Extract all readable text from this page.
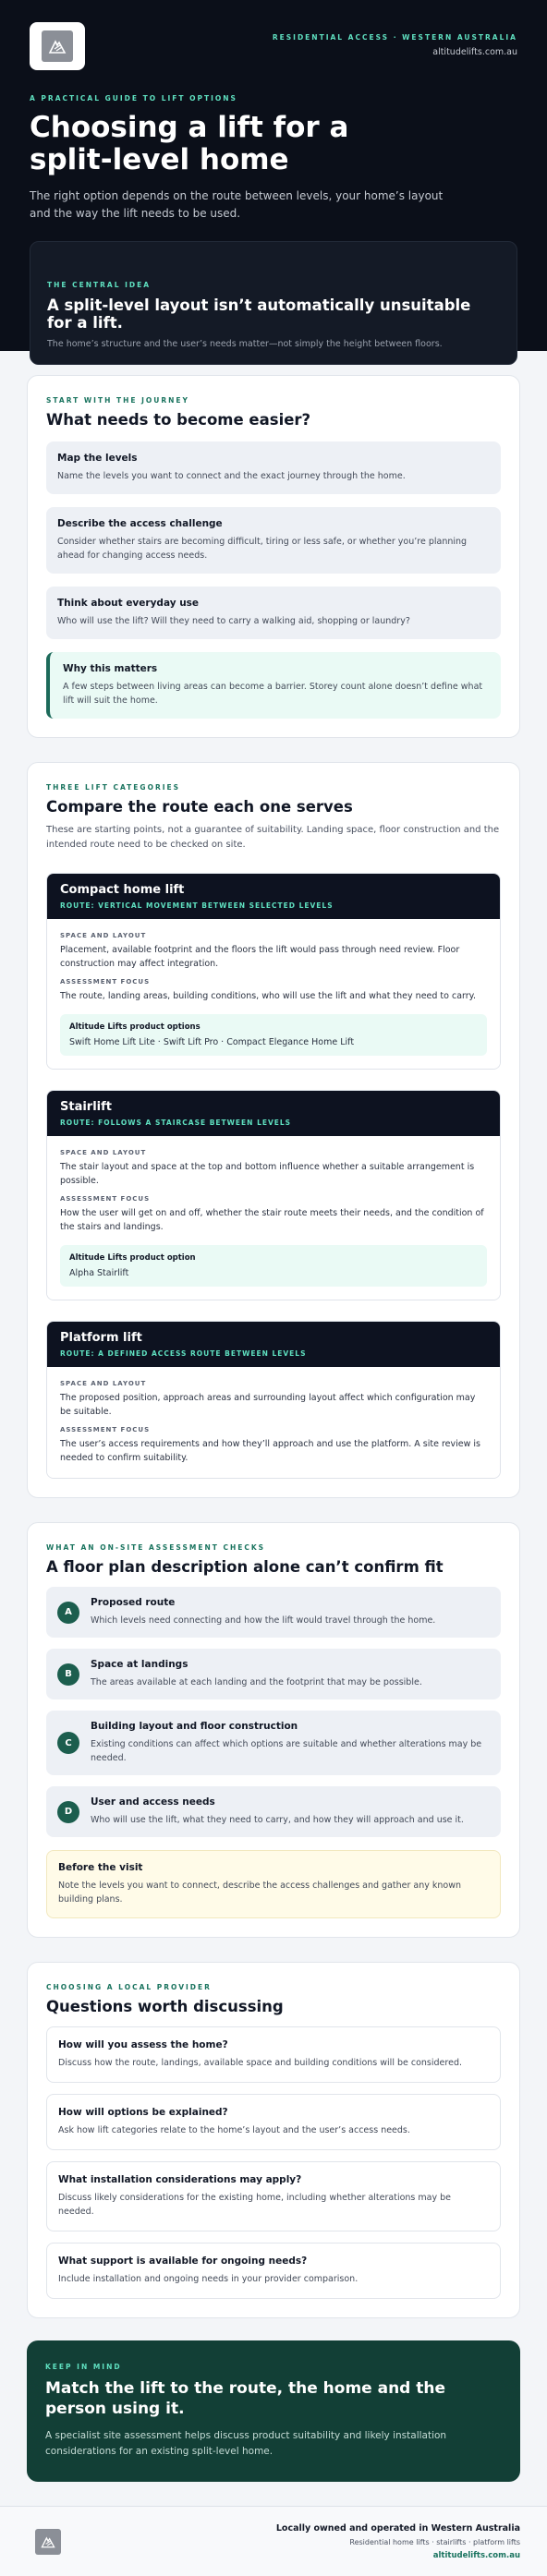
RESIDENTIAL ACCESS · WESTERN AUSTRALIA
altitudelifts.com.au
A PRACTICAL GUIDE TO LIFT OPTIONS
Choosing a lift for a split-level home

The right option depends on the route between levels, your home’s layout and the way the lift needs to be used.

THE CENTRAL IDEA
A split-level layout isn’t automatically unsuitable for a lift.
The home’s structure and the user’s needs matter—not simply the height between floors.
START WITH THE JOURNEY
What needs to become easier?
Map the levels
Name the levels you want to connect and the exact journey through the home.
Describe the access challenge
Consider whether stairs are becoming difficult, tiring or less safe, or whether you’re planning ahead for changing access needs.
Think about everyday use
Who will use the lift? Will they need to carry a walking aid, shopping or laundry?
Why this matters
A few steps between living areas can become a barrier. Storey count alone doesn’t define what lift will suit the home.
THREE LIFT CATEGORIES
Compare the route each one serves

These are starting points, not a guarantee of suitability. Landing space, floor construction and the intended route need to be checked on site.

Compact home lift
ROUTE: VERTICAL MOVEMENT BETWEEN SELECTED LEVELS
SPACE AND LAYOUT
Placement, available footprint and the floors the lift would pass through need review. Floor construction may affect integration.
ASSESSMENT FOCUS
The route, landing areas, building conditions, who will use the lift and what they need to carry.
Altitude Lifts product options
Swift Home Lift Lite · Swift Lift Pro · Compact Elegance Home Lift
Stairlift
ROUTE: FOLLOWS A STAIRCASE BETWEEN LEVELS
SPACE AND LAYOUT
The stair layout and space at the top and bottom influence whether a suitable arrangement is possible.
ASSESSMENT FOCUS
How the user will get on and off, whether the stair route meets their needs, and the condition of the stairs and landings.
Altitude Lifts product option
Alpha Stairlift
Platform lift
ROUTE: A DEFINED ACCESS ROUTE BETWEEN LEVELS
SPACE AND LAYOUT
The proposed position, approach areas and surrounding layout affect which configuration may be suitable.
ASSESSMENT FOCUS
The user’s access requirements and how they’ll approach and use the platform. A site review is needed to confirm suitability.
WHAT AN ON-SITE ASSESSMENT CHECKS
A floor plan description alone can’t confirm fit
A
Proposed route
Which levels need connecting and how the lift would travel through the home.
B
Space at landings
The areas available at each landing and the footprint that may be possible.
C
Building layout and floor construction
Existing conditions can affect which options are suitable and whether alterations may be needed.
D
User and access needs
Who will use the lift, what they need to carry, and how they will approach and use it.
Before the visit
Note the levels you want to connect, describe the access challenges and gather any known building plans.
CHOOSING A LOCAL PROVIDER
Questions worth discussing
How will you assess the home?
Discuss how the route, landings, available space and building conditions will be considered.
How will options be explained?
Ask how lift categories relate to the home’s layout and the user’s access needs.
What installation considerations may apply?
Discuss likely considerations for the existing home, including whether alterations may be needed.
What support is available for ongoing needs?
Include installation and ongoing needs in your provider comparison.
KEEP IN MIND
Match the lift to the route, the home and the person using it.

A specialist site assessment helps discuss product suitability and likely installation considerations for an existing split-level home.

Locally owned and operated in Western Australia
Residential home lifts · stairlifts · platform lifts
altitudelifts.com.au
